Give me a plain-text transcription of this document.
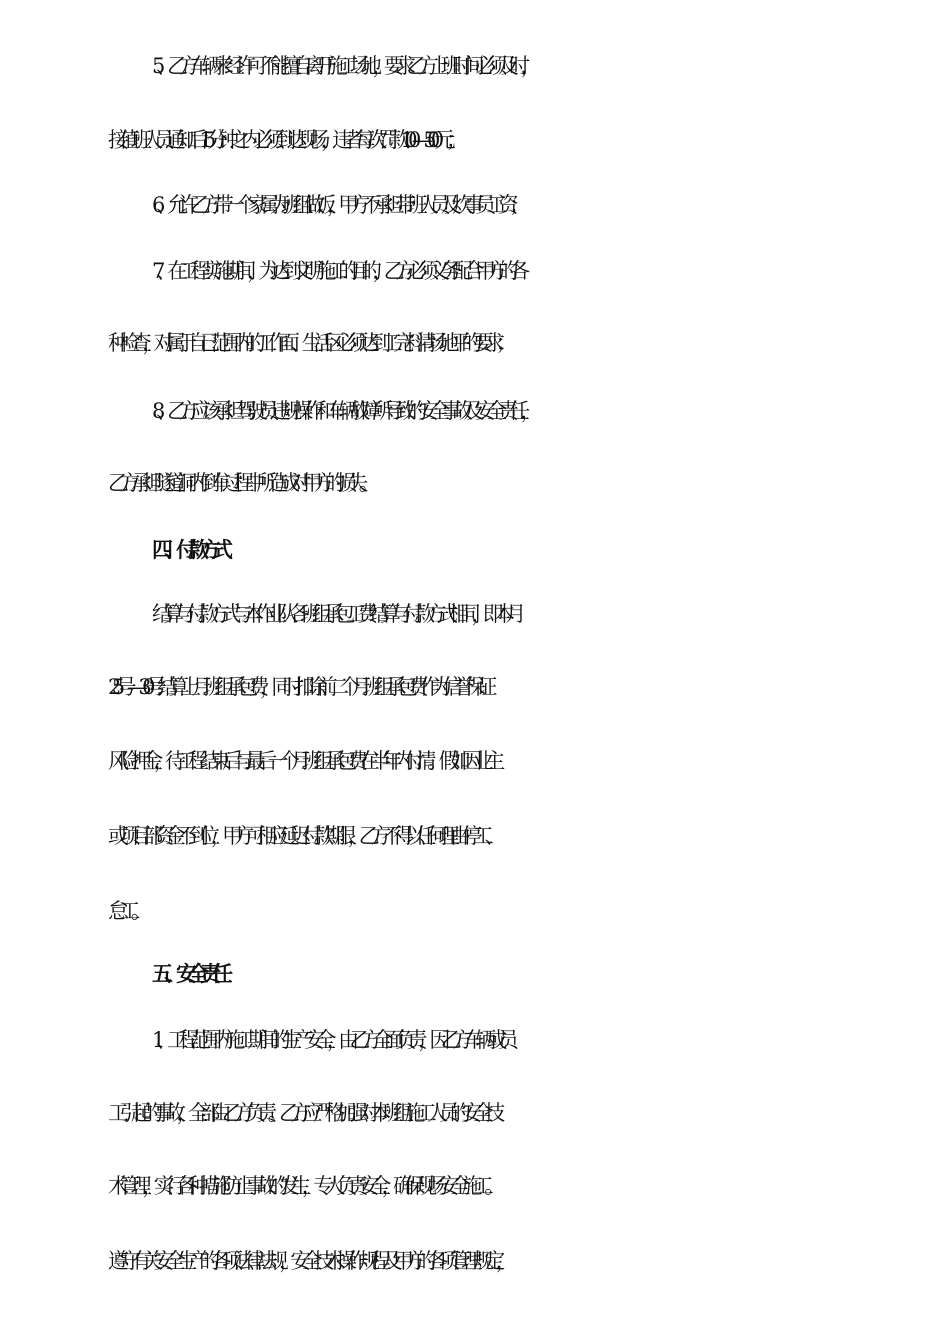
5、乙方车辆未经许可不能擅自离开施工场地，要求乙方上班时间必须及时，
接值班人员通知后15分钟之内必须到达现场，违者每次罚款100—500元；
6、允许乙方带一个家属为班组做饭，甲方不承担带班人员及炊事员工资；
7、在工程实施期间，为达到文明施工的目的，乙方必须义务配合甲方的各
种检查，对属于自己范围内的工作面、生活区必须达到工完料清场地平的要求；
8、乙方应该承担驾驶员违规操作和车辆故障所导致的安全事故及安全责任，
乙方承担隧道洞内倒车过程中所造成对甲方的损失。
四、付款方式
结算与付款方式与本作业队各班组承包工费结算与付款方式相同，即本月
25号—30号结算上月班组承包费，同时扣除前二个月班组承包费作为信誉保证
风险押金，待工程结束后与最后一个月班组承包费在半年内付清。假如因业主
或项目部资金不到位，甲方可相应延迟付款期限，乙方不得以任何理由停工、
怠工。
五、安全责任
1、工程范围内施工期间的生产安全，由乙方全面负责，因乙方车辆或员
工引起的事故，全部由乙方负责。乙方应严格加强对本班组施工人员的安全技
术管理，实行各种措施防止事故的发生，专人负责安全，确保现场安全施工。
遵守有关安全生产的各项法律法规，安全技术操作规程及甲方的各项管理规定，
